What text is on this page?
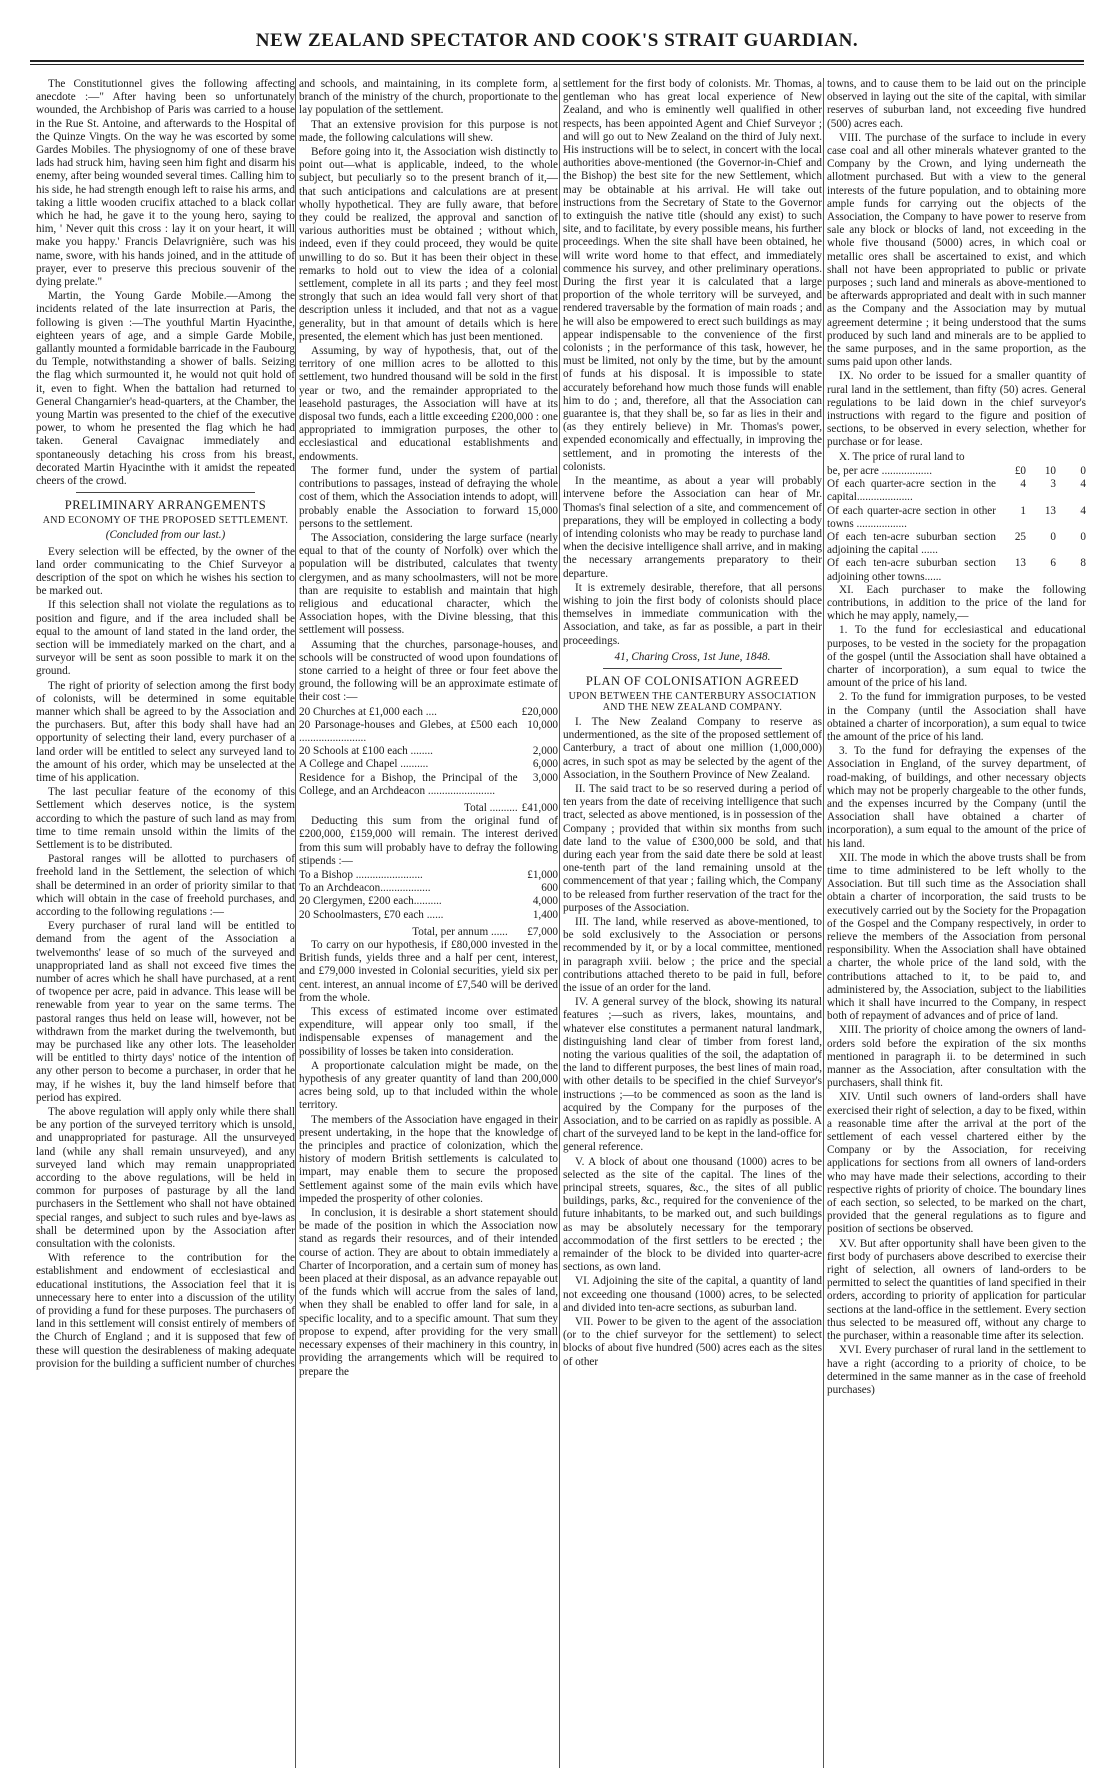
NEW ZEALAND SPECTATOR AND COOK'S STRAIT GUARDIAN.

The Constitutionnel gives the following affecting anecdote :—" After having been so unfortunately wounded, the Archbishop of Paris was carried to a house in the Rue St. Antoine, and afterwards to the Hospital of the Quinze Vingts. On the way he was escorted by some Gardes Mobiles. The physiognomy of one of these brave lads had struck him, having seen him fight and disarm his enemy, after being wounded several times. Calling him to his side, he had strength enough left to raise his arms, and taking a little wooden crucifix attached to a black collar which he had, he gave it to the young hero, saying to him, ' Never quit this cross : lay it on your heart, it will make you happy.' Francis Delavrignière, such was his name, swore, with his hands joined, and in the attitude of prayer, ever to preserve this precious souvenir of the dying prelate."

Martin, the Young Garde Mobile.—Among the incidents related of the late insurrection at Paris, the following is given :—The youthful Martin Hyacinthe, eighteen years of age, and a simple Garde Mobile, gallantly mounted a formidable barricade in the Faubourg du Temple, notwithstanding a shower of balls. Seizing the flag which surmounted it, he would not quit hold of it, even to fight. When the battalion had returned to General Changarnier's head-quarters, at the Chamber, the young Martin was presented to the chief of the executive power, to whom he presented the flag which he had taken. General Cavaignac immediately and spontaneously detaching his cross from his breast, decorated Martin Hyacinthe with it amidst the repeated cheers of the crowd.

PRELIMINARY ARRANGEMENTS
AND ECONOMY OF THE PROPOSED SETTLEMENT.
(Concluded from our last.)

Every selection will be effected, by the owner of the land order communicating to the Chief Surveyor a description of the spot on which he wishes his section to be marked out.

If this selection shall not violate the regulations as to position and figure, and if the area included shall be equal to the amount of land stated in the land order, the section will be immediately marked on the chart, and a surveyor will be sent as soon possible to mark it on the ground.

The right of priority of selection among the first body of colonists, will be determined in some equitable manner which shall be agreed to by the Association and the purchasers. But, after this body shall have had an opportunity of selecting their land, every purchaser of a land order will be entitled to select any surveyed land to the amount of his order, which may be unselected at the time of his application.

The last peculiar feature of the economy of this Settlement which deserves notice, is the system according to which the pasture of such land as may from time to time remain unsold within the limits of the Settlement is to be distributed.

Pastoral ranges will be allotted to purchasers of freehold land in the Settlement, the selection of which shall be determined in an order of priority similar to that which will obtain in the case of freehold purchases, and according to the following regulations :—

Every purchaser of rural land will be entitled to demand from the agent of the Association a twelvemonths' lease of so much of the surveyed and unappropriated land as shall not exceed five times the number of acres which he shall have purchased, at a rent of twopence per acre, paid in advance. This lease will be renewable from year to year on the same terms. The pastoral ranges thus held on lease will, however, not be withdrawn from the market during the twelvemonth, but may be purchased like any other lots. The leaseholder will be entitled to thirty days' notice of the intention of any other person to become a purchaser, in order that he may, if he wishes it, buy the land himself before that period has expired.

The above regulation will apply only while there shall be any portion of the surveyed territory which is unsold, and unappropriated for pasturage. All the unsurveyed land (while any shall remain unsurveyed), and any surveyed land which may remain unappropriated according to the above regulations, will be held in common for purposes of pasturage by all the land purchasers in the Settlement who shall not have obtained special ranges, and subject to such rules and bye-laws as shall be determined upon by the Association after consultation with the colonists.

With reference to the contribution for the establishment and endowment of ecclesiastical and educational institutions, the Association feel that it is unnecessary here to enter into a discussion of the utility of providing a fund for these purposes. The purchasers of land in this settlement will consist entirely of members of the Church of England ; and it is supposed that few of these will question the desirableness of making adequate provision for the building a sufficient number of churches

and schools, and maintaining, in its complete form, a branch of the ministry of the church, proportionate to the lay population of the settlement.

That an extensive provision for this purpose is not made, the following calculations will shew.

Before going into it, the Association wish distinctly to point out—what is applicable, indeed, to the whole subject, but peculiarly so to the present branch of it,—that such anticipations and calculations are at present wholly hypothetical. They are fully aware, that before they could be realized, the approval and sanction of various authorities must be obtained ; without which, indeed, even if they could proceed, they would be quite unwilling to do so. But it has been their object in these remarks to hold out to view the idea of a colonial settlement, complete in all its parts ; and they feel most strongly that such an idea would fall very short of that description unless it included, and that not as a vague generality, but in that amount of details which is here presented, the element which has just been mentioned.

Assuming, by way of hypothesis, that, out of the territory of one million acres to be allotted to this settlement, two hundred thousand will be sold in the first year or two, and the remainder appropriated to the leasehold pasturages, the Association will have at its disposal two funds, each a little exceeding £200,000 : one appropriated to immigration purposes, the other to ecclesiastical and educational establishments and endowments.

The former fund, under the system of partial contributions to passages, instead of defraying the whole cost of them, which the Association intends to adopt, will probably enable the Association to forward 15,000 persons to the settlement.

The Association, considering the large surface (nearly equal to that of the county of Norfolk) over which the population will be distributed, calculates that twenty clergymen, and as many schoolmasters, will not be more than are requisite to establish and maintain that high religious and educational character, which the Association hopes, with the Divine blessing, that this settlement will possess.

Assuming that the churches, parsonage-houses, and schools will be constructed of wood upon foundations of stone carried to a height of three or four feet above the ground, the following will be an approximate estimate of their cost :—

20 Churches at £1,000 each ....	£20,000
20 Parsonage-houses and Glebes, at £500 each ........................	10,000
20 Schools at £100 each ........	2,000
A College and Chapel ..........	6,000
Residence for a Bishop, the Principal of the College, and an Archdeacon ........................	3,000
Total ..........	£41,000

Deducting this sum from the original fund of £200,000, £159,000 will remain. The interest derived from this sum will probably have to defray the following stipends :—

To a Bishop ........................	£1,000
To an Archdeacon..................	600
20 Clergymen, £200 each..........	4,000
20 Schoolmasters, £70 each ......	1,400
Total, per annum ......	£7,000

To carry on our hypothesis, if £80,000 invested in the British funds, yields three and a half per cent, interest, and £79,000 invested in Colonial securities, yield six per cent. interest, an annual income of £7,540 will be derived from the whole.

This excess of estimated income over estimated expenditure, will appear only too small, if the indispensable expenses of management and the possibility of losses be taken into consideration.

A proportionate calculation might be made, on the hypothesis of any greater quantity of land than 200,000 acres being sold, up to that included within the whole territory.

The members of the Association have engaged in their present undertaking, in the hope that the knowledge of the principles and practice of colonization, which the history of modern British settlements is calculated to impart, may enable them to secure the proposed Settlement against some of the main evils which have impeded the prosperity of other colonies.

In conclusion, it is desirable a short statement should be made of the position in which the Association now stand as regards their resources, and of their intended course of action. They are about to obtain immediately a Charter of Incorporation, and a certain sum of money has been placed at their disposal, as an advance repayable out of the funds which will accrue from the sales of land, when they shall be enabled to offer land for sale, in a specific locality, and to a specific amount. That sum they propose to expend, after providing for the very small necessary expenses of their machinery in this country, in providing the arrangements which will be required to prepare the

settlement for the first body of colonists. Mr. Thomas, a gentleman who has great local experience of New Zealand, and who is eminently well qualified in other respects, has been appointed Agent and Chief Surveyor ; and will go out to New Zealand on the third of July next. His instructions will be to select, in concert with the local authorities above-mentioned (the Governor-in-Chief and the Bishop) the best site for the new Settlement, which may be obtainable at his arrival. He will take out instructions from the Secretary of State to the Governor to extinguish the native title (should any exist) to such site, and to facilitate, by every possible means, his further proceedings. When the site shall have been obtained, he will write word home to that effect, and immediately commence his survey, and other preliminary operations. During the first year it is calculated that a large proportion of the whole territory will be surveyed, and rendered traversable by the formation of main roads ; and he will also be empowered to erect such buildings as may appear indispensable to the convenience of the first colonists ; in the performance of this task, however, he must be limited, not only by the time, but by the amount of funds at his disposal. It is impossible to state accurately beforehand how much those funds will enable him to do ; and, therefore, all that the Association can guarantee is, that they shall be, so far as lies in their and (as they entirely believe) in Mr. Thomas's power, expended economically and effectually, in improving the settlement, and in promoting the interests of the colonists.

In the meantime, as about a year will probably intervene before the Association can hear of Mr. Thomas's final selection of a site, and commencement of preparations, they will be employed in collecting a body of intending colonists who may be ready to purchase land when the decisive intelligence shall arrive, and in making the necessary arrangements preparatory to their departure.

It is extremely desirable, therefore, that all persons wishing to join the first body of colonists should place themselves in immediate communication with the Association, and take, as far as possible, a part in their proceedings.

41, Charing Cross, 1st June, 1848.
PLAN OF COLONISATION AGREED
UPON BETWEEN THE CANTERBURY ASSOCIATION AND THE NEW ZEALAND COMPANY.

I. The New Zealand Company to reserve as undermentioned, as the site of the proposed settlement of Canterbury, a tract of about one million (1,000,000) acres, in such spot as may be selected by the agent of the Association, in the Southern Province of New Zealand.

II. The said tract to be so reserved during a period of ten years from the date of receiving intelligence that such tract, selected as above mentioned, is in possession of the Company ; provided that within six months from such date land to the value of £300,000 be sold, and that during each year from the said date there be sold at least one-tenth part of the land remaining unsold at the commencement of that year ; failing which, the Company to be released from further reservation of the tract for the purposes of the Association.

III. The land, while reserved as above-mentioned, to be sold exclusively to the Association or persons recommended by it, or by a local committee, mentioned in paragraph xviii. below ; the price and the special contributions attached thereto to be paid in full, before the issue of an order for the land.

IV. A general survey of the block, showing its natural features ;—such as rivers, lakes, mountains, and whatever else constitutes a permanent natural landmark, distinguishing land clear of timber from forest land, noting the various qualities of the soil, the adaptation of the land to different purposes, the best lines of main road, with other details to be specified in the chief Surveyor's instructions ;—to be commenced as soon as the land is acquired by the Company for the purposes of the Association, and to be carried on as rapidly as possible. A chart of the surveyed land to be kept in the land-office for general reference.

V. A block of about one thousand (1000) acres to be selected as the site of the capital. The lines of the principal streets, squares, &c., the sites of all public buildings, parks, &c., required for the convenience of the future inhabitants, to be marked out, and such buildings as may be absolutely necessary for the temporary accommodation of the first settlers to be erected ; the remainder of the block to be divided into quarter-acre sections, as own land.

VI. Adjoining the site of the capital, a quantity of land not exceeding one thousand (1000) acres, to be selected and divided into ten-acre sections, as suburban land.

VII. Power to be given to the agent of the association (or to the chief surveyor for the settlement) to select blocks of about five hundred (500) acres each as the sites of other

towns, and to cause them to be laid out on the principle observed in laying out the site of the capital, with similar reserves of suburban land, not exceeding five hundred (500) acres each.

VIII. The purchase of the surface to include in every case coal and all other minerals whatever granted to the Company by the Crown, and lying underneath the allotment purchased. But with a view to the general interests of the future population, and to obtaining more ample funds for carrying out the objects of the Association, the Company to have power to reserve from sale any block or blocks of land, not exceeding in the whole five thousand (5000) acres, in which coal or metallic ores shall be ascertained to exist, and which shall not have been appropriated to public or private purposes ; such land and minerals as above-mentioned to be afterwards appropriated and dealt with in such manner as the Company and the Association may by mutual agreement determine ; it being understood that the sums produced by such land and minerals are to be applied to the same purposes, and in the same proportion, as the sums paid upon other lands.

IX. No order to be issued for a smaller quantity of rural land in the settlement, than fifty (50) acres. General regulations to be laid down in the chief surveyor's instructions with regard to the figure and position of sections, to be observed in every selection, whether for purchase or for lease.

X. The price of rural land to

be, per acre ..................	£0	10	0
Of each quarter-acre section in the capital....................	4	3	4
Of each quarter-acre section in other towns ..................	1	13	4
Of each ten-acre suburban section adjoining the capital ......	25	0	0
Of each ten-acre suburban section adjoining other towns......	13	6	8

XI. Each purchaser to make the following contributions, in addition to the price of the land for which he may apply, namely,—

1. To the fund for ecclesiastical and educational purposes, to be vested in the society for the propagation of the gospel (until the Association shall have obtained a charter of incorporation), a sum equal to twice the amount of the price of his land.

2. To the fund for immigration purposes, to be vested in the Company (until the Association shall have obtained a charter of incorporation), a sum equal to twice the amount of the price of his land.

3. To the fund for defraying the expenses of the Association in England, of the survey department, of road-making, of buildings, and other necessary objects which may not be properly chargeable to the other funds, and the expenses incurred by the Company (until the Association shall have obtained a charter of incorporation), a sum equal to the amount of the price of his land.

XII. The mode in which the above trusts shall be from time to time administered to be left wholly to the Association. But till such time as the Association shall obtain a charter of incorporation, the said trusts to be executively carried out by the Society for the Propagation of the Gospel and the Company respectively, in order to relieve the members of the Association from personal responsibility. When the Association shall have obtained a charter, the whole price of the land sold, with the contributions attached to it, to be paid to, and administered by, the Association, subject to the liabilities which it shall have incurred to the Company, in respect both of repayment of advances and of price of land.

XIII. The priority of choice among the owners of land-orders sold before the expiration of the six months mentioned in paragraph ii. to be determined in such manner as the Association, after consultation with the purchasers, shall think fit.

XIV. Until such owners of land-orders shall have exercised their right of selection, a day to be fixed, within a reasonable time after the arrival at the port of the settlement of each vessel chartered either by the Company or by the Association, for receiving applications for sections from all owners of land-orders who may have made their selections, according to their respective rights of priority of choice. The boundary lines of each section, so selected, to be marked on the chart, provided that the general regulations as to figure and position of sections be observed.

XV. But after opportunity shall have been given to the first body of purchasers above described to exercise their right of selection, all owners of land-orders to be permitted to select the quantities of land specified in their orders, according to priority of application for particular sections at the land-office in the settlement. Every section thus selected to be measured off, without any charge to the purchaser, within a reasonable time after its selection.

XVI. Every purchaser of rural land in the settlement to have a right (according to a priority of choice, to be determined in the same manner as in the case of freehold purchases)
